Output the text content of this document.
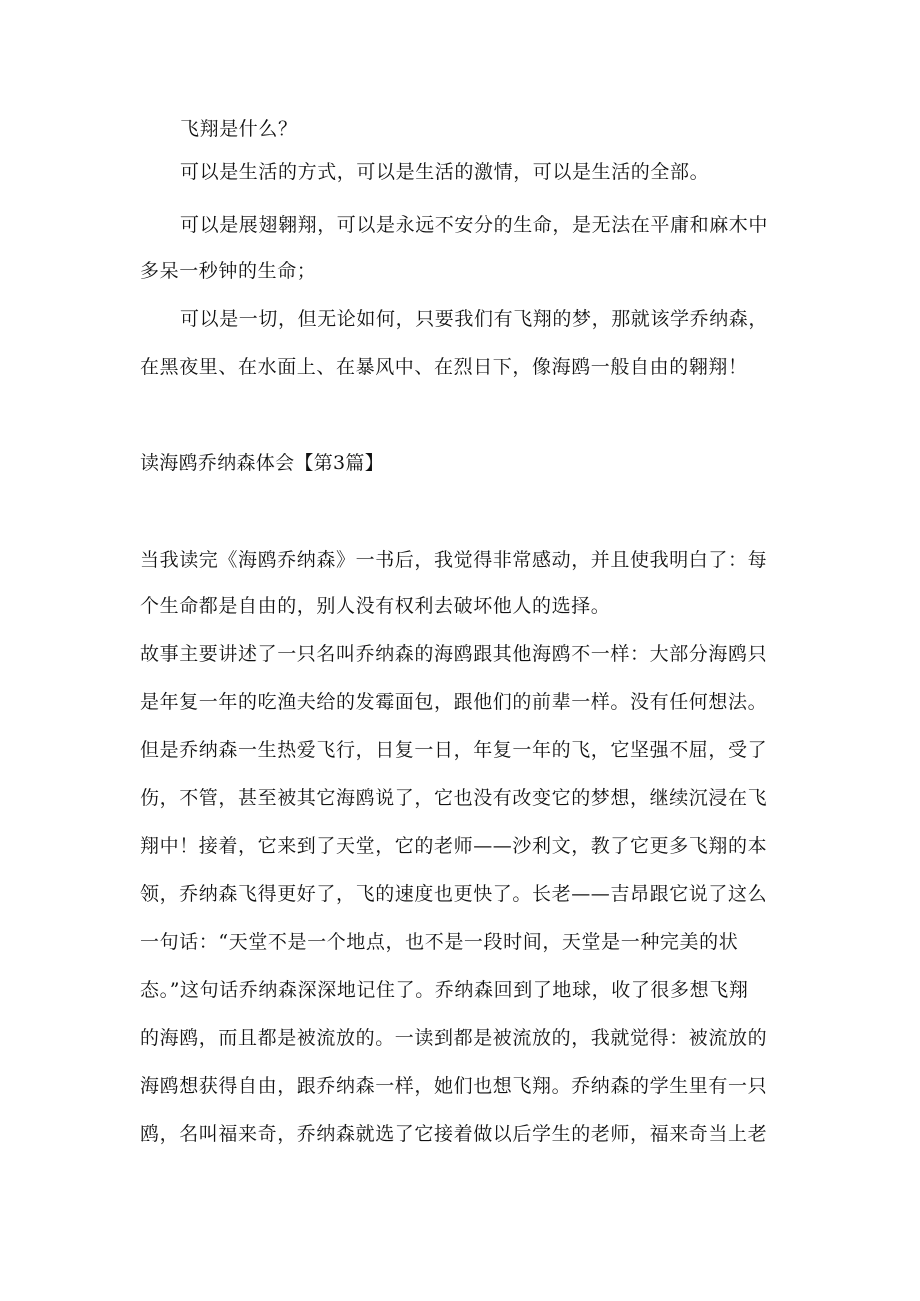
飞翔是什么？
可以是生活的方式，可以是生活的激情，可以是生活的全部。
可以是展翅翱翔，可以是永远不安分的生命，是无法在平庸和麻木中
多呆一秒钟的生命；
可以是一切，但无论如何，只要我们有飞翔的梦，那就该学乔纳森，
在黑夜里、在水面上、在暴风中、在烈日下，像海鸥一般自由的翱翔！
读海鸥乔纳森体会【第3篇】
当我读完《海鸥乔纳森》一书后，我觉得非常感动，并且使我明白了：每
个生命都是自由的，别人没有权利去破坏他人的选择。
故事主要讲述了一只名叫乔纳森的海鸥跟其他海鸥不一样：大部分海鸥只
是年复一年的吃渔夫给的发霉面包，跟他们的前辈一样。没有任何想法。
但是乔纳森一生热爱飞行，日复一日，年复一年的飞，它坚强不屈，受了
伤，不管，甚至被其它海鸥说了，它也没有改变它的梦想，继续沉浸在飞
翔中！接着，它来到了天堂，它的老师——沙利文，教了它更多飞翔的本
领，乔纳森飞得更好了，飞的速度也更快了。长老——吉昂跟它说了这么
一句话：“天堂不是一个地点，也不是一段时间，天堂是一种完美的状
态。”这句话乔纳森深深地记住了。乔纳森回到了地球，收了很多想飞翔
的海鸥，而且都是被流放的。一读到都是被流放的，我就觉得：被流放的
海鸥想获得自由，跟乔纳森一样，她们也想飞翔。乔纳森的学生里有一只
鸥，名叫福来奇，乔纳森就选了它接着做以后学生的老师，福来奇当上老
